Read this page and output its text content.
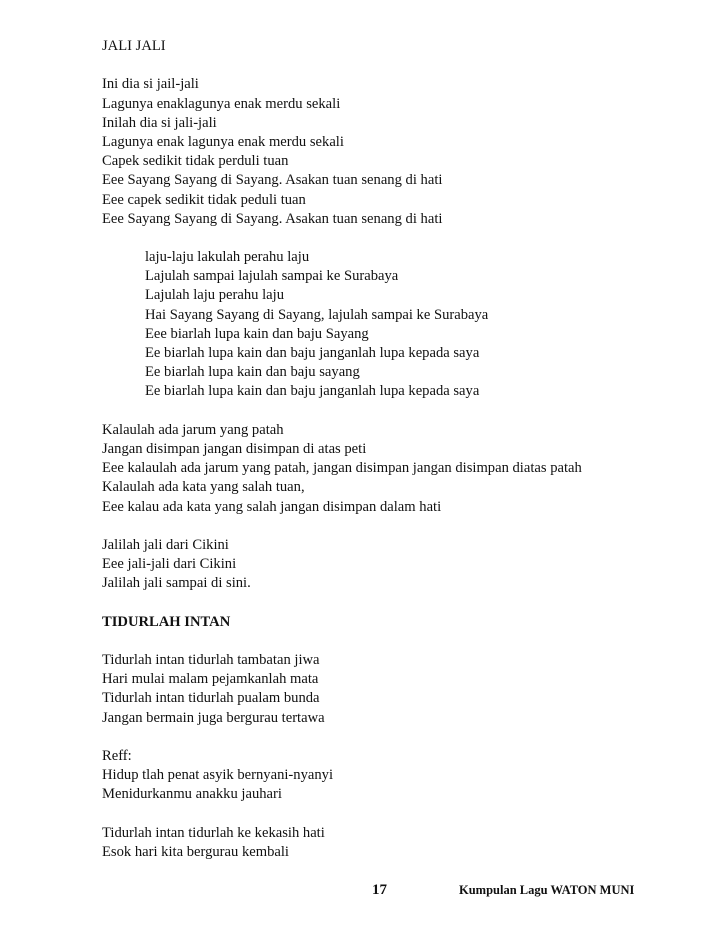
JALI JALI
Ini dia si jail-jali
Lagunya enaklagunya enak merdu sekali
Inilah dia si jali-jali
Lagunya enak lagunya enak merdu sekali
Capek sedikit tidak perduli tuan
Eee Sayang Sayang di Sayang. Asakan tuan senang di hati
Eee capek sedikit tidak peduli tuan
Eee Sayang Sayang di Sayang. Asakan tuan senang di hati
laju-laju lakulah perahu laju
Lajulah sampai lajulah sampai ke Surabaya
Lajulah laju perahu laju
Hai Sayang Sayang di Sayang, lajulah sampai ke Surabaya
Eee biarlah lupa kain dan baju Sayang
Ee biarlah lupa kain dan baju janganlah lupa kepada saya
Ee biarlah lupa kain dan baju sayang
Ee biarlah lupa kain dan baju janganlah lupa kepada saya
Kalaulah ada jarum yang patah
Jangan disimpan jangan disimpan di atas peti
Eee kalaulah ada jarum yang patah, jangan disimpan jangan disimpan diatas patah
Kalaulah ada kata yang salah tuan,
Eee kalau ada kata yang salah jangan disimpan dalam hati
Jalilah jali dari Cikini
Eee jali-jali dari Cikini
Jalilah jali sampai di sini.
TIDURLAH INTAN
Tidurlah intan tidurlah tambatan jiwa
Hari mulai malam pejamkanlah mata
Tidurlah intan tidurlah pualam bunda
Jangan bermain juga bergurau tertawa
Reff:
Hidup tlah penat asyik bernyani-nyanyi
Menidurkanmu anakku jauhari
Tidurlah intan tidurlah ke kekasih hati
Esok hari kita bergurau kembali
17	Kumpulan Lagu WATON MUNI
